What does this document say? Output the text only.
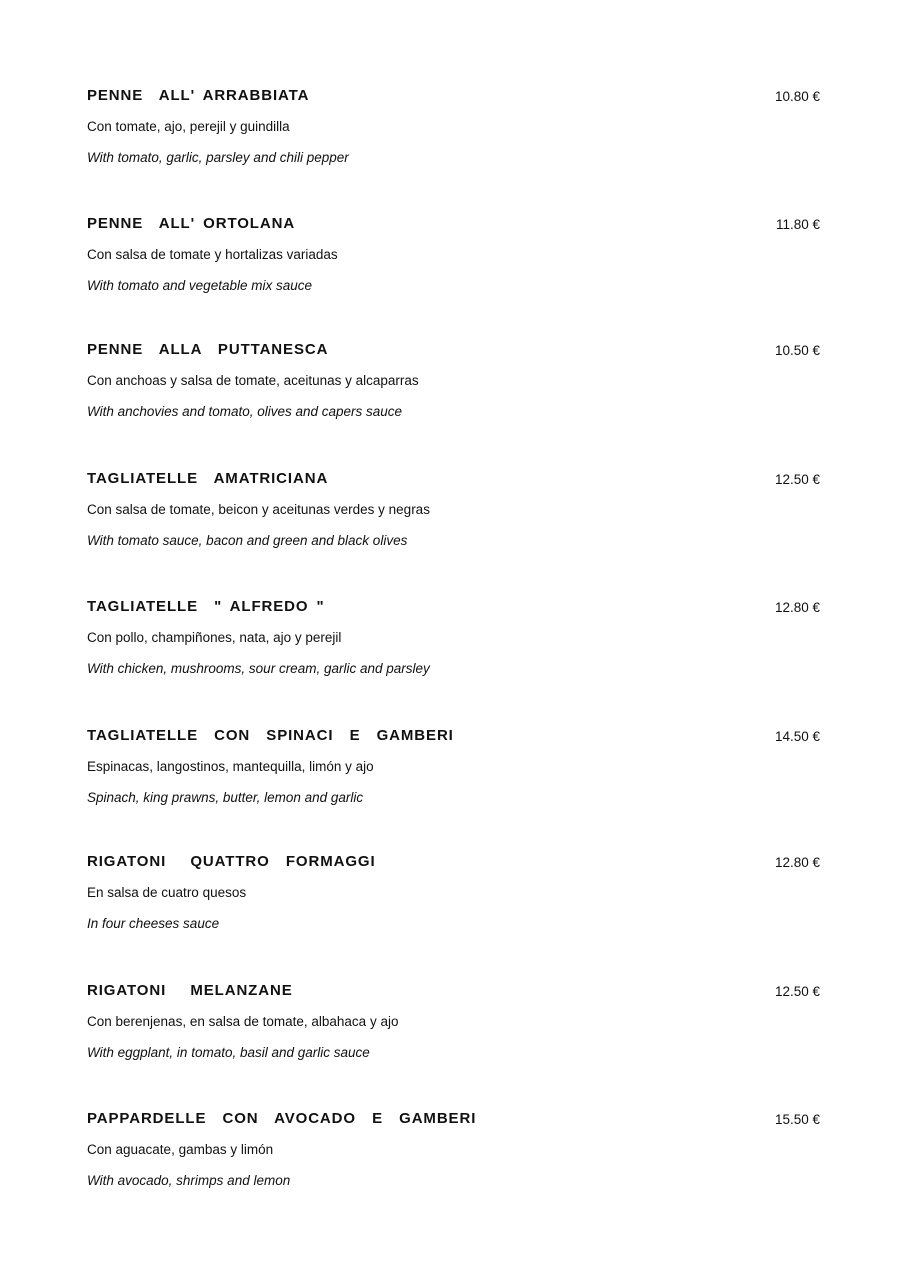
PENNE  ALL' ARRABBIATA	10.80 €
Con tomate, ajo, perejil y guindilla
With tomato, garlic, parsley and chili pepper
PENNE  ALL' ORTOLANA	11.80 €
Con salsa de tomate y hortalizas variadas
With tomato and vegetable mix sauce
PENNE  ALLA  PUTTANESCA	10.50 €
Con anchoas y salsa de tomate, aceitunas y alcaparras
With anchovies and tomato, olives and capers sauce
TAGLIATELLE  AMATRICIANA	12.50 €
Con salsa de tomate, beicon y aceitunas verdes y negras
With tomato sauce, bacon and green and black olives
TAGLIATELLE  " ALFREDO "	12.80 €
Con pollo, champiñones, nata, ajo y perejil
With chicken, mushrooms, sour cream, garlic and parsley
TAGLIATELLE  CON  SPINACI  E  GAMBERI	14.50 €
Espinacas, langostinos, mantequilla, limón y ajo
Spinach, king prawns, butter, lemon and garlic
RIGATONI   QUATTRO  FORMAGGI	12.80 €
En salsa de cuatro quesos
In four cheeses sauce
RIGATONI   MELANZANE	12.50 €
Con berenjenas, en salsa de tomate, albahaca y ajo
With eggplant, in tomato, basil and garlic sauce
PAPPARDELLE  CON  AVOCADO  E  GAMBERI	15.50 €
Con aguacate, gambas y limón
With avocado, shrimps and lemon
